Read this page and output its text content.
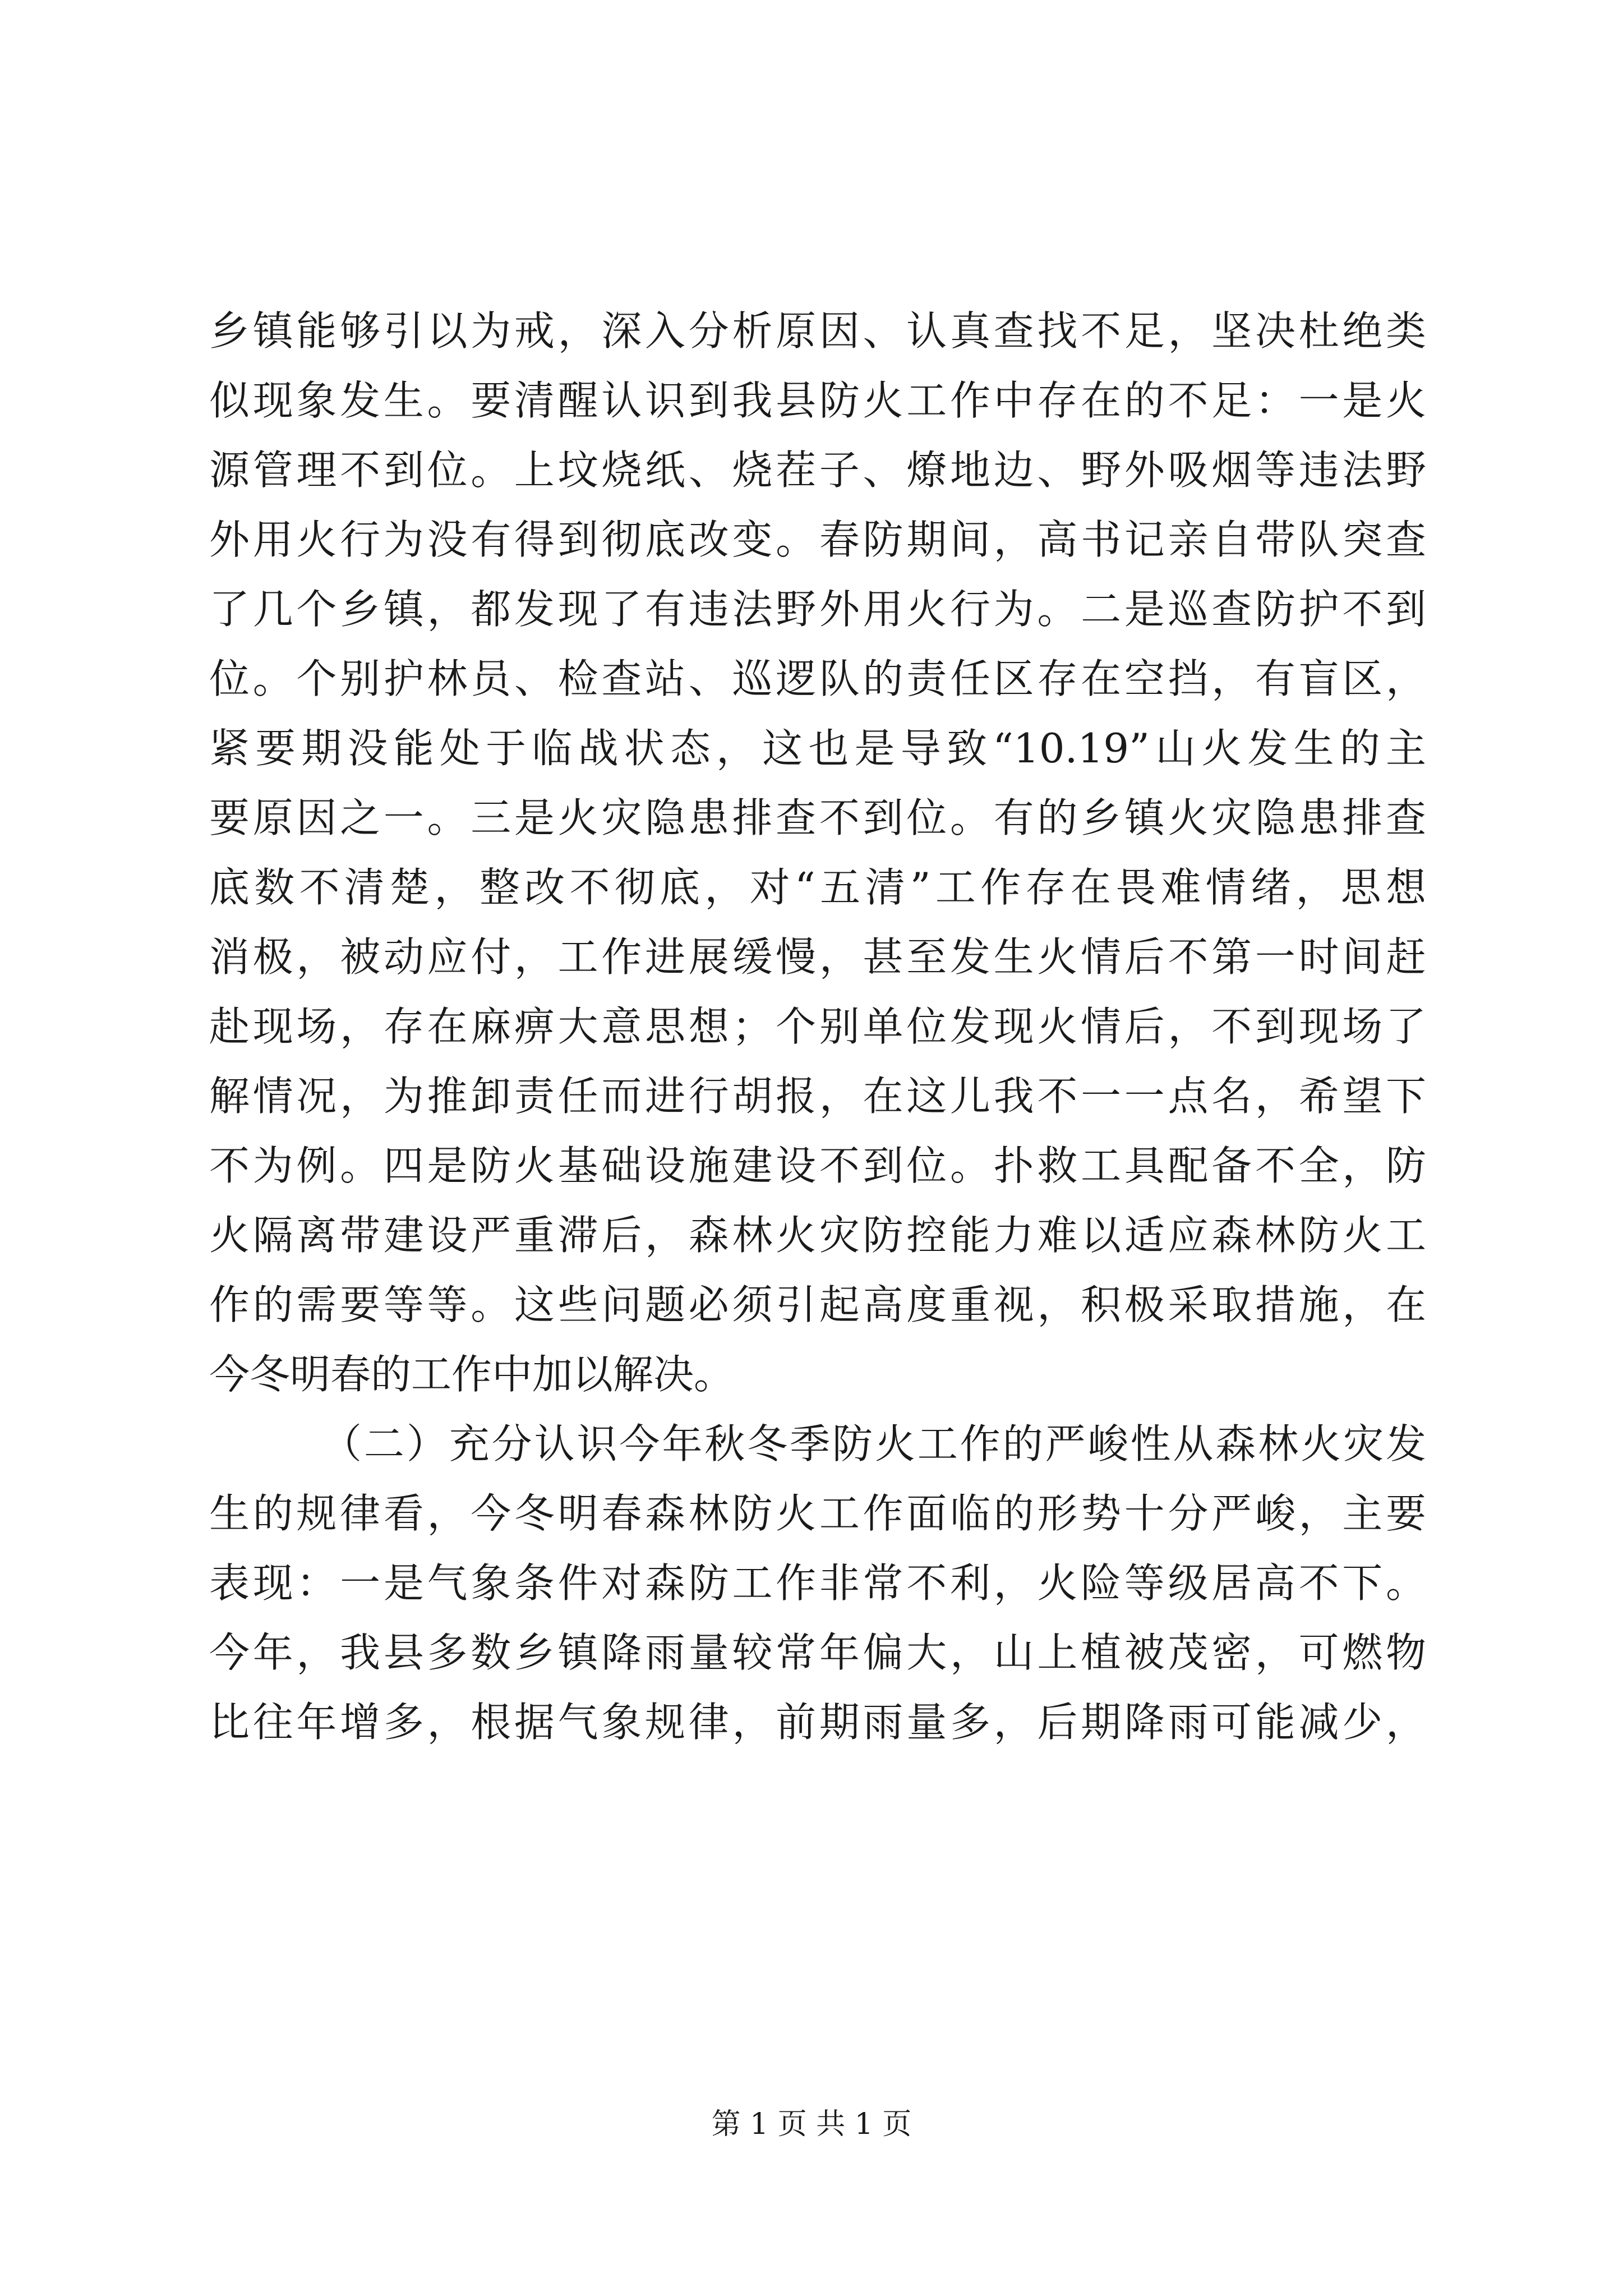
乡镇能够引以为戒，深入分析原因、认真查找不足，坚决杜绝类
似现象发生。要清醒认识到我县防火工作中存在的不足：一是火
源管理不到位。上坟烧纸、烧茬子、燎地边、野外吸烟等违法野
外用火行为没有得到彻底改变。春防期间，高书记亲自带队突查
了几个乡镇，都发现了有违法野外用火行为。二是巡查防护不到
位。个别护林员、检查站、巡逻队的责任区存在空挡，有盲区，
紧要期没能处于临战状态，这也是导致“10.19”山火发生的主
要原因之一。三是火灾隐患排查不到位。有的乡镇火灾隐患排查
底数不清楚，整改不彻底，对“五清”工作存在畏难情绪，思想
消极，被动应付，工作进展缓慢，甚至发生火情后不第一时间赶
赴现场，存在麻痹大意思想；个别单位发现火情后，不到现场了
解情况，为推卸责任而进行胡报，在这儿我不一一点名，希望下
不为例。四是防火基础设施建设不到位。扑救工具配备不全，防
火隔离带建设严重滞后，森林火灾防控能力难以适应森林防火工
作的需要等等。这些问题必须引起高度重视，积极采取措施，在
今冬明春的工作中加以解决。
（二）充分认识今年秋冬季防火工作的严峻性从森林火灾发
生的规律看，今冬明春森林防火工作面临的形势十分严峻，主要
表现：一是气象条件对森防工作非常不利，火险等级居高不下。
今年，我县多数乡镇降雨量较常年偏大，山上植被茂密，可燃物
比往年增多，根据气象规律，前期雨量多，后期降雨可能减少，
第 1 页 共 1 页
